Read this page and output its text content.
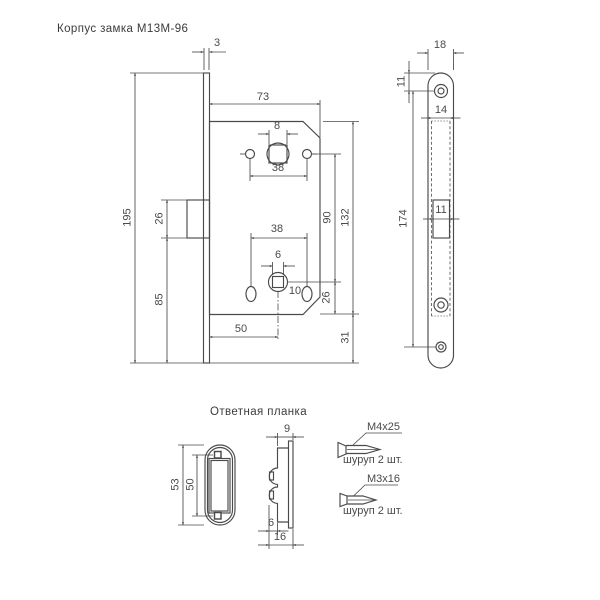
Корпус замка М13М-96
Ответная планка
3
73
8
38
38
6
10
50
195 26
85
90 132
26
31
18
11
14
11
174
53 50
9
6
16
М4х25
шуруп 2 шт.
М3х16
шуруп 2 шт.
